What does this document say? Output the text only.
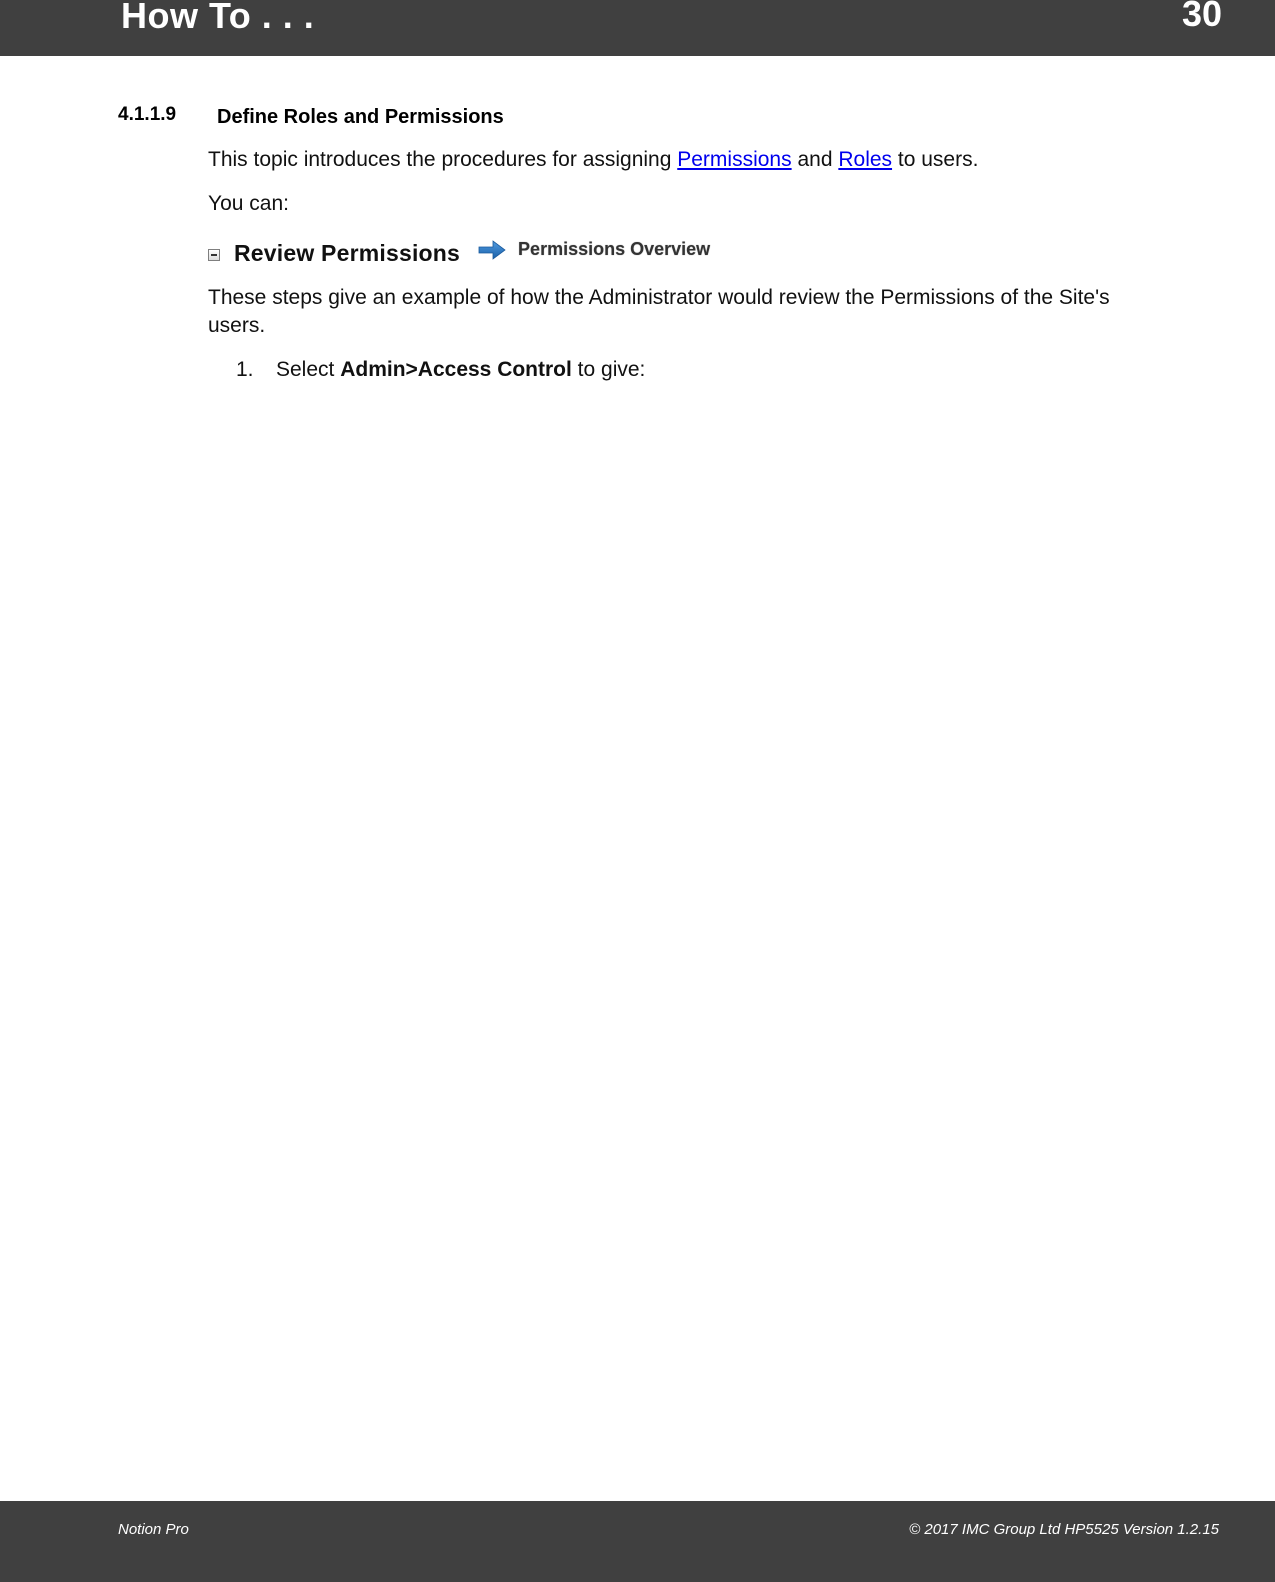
How To . . .	30
4.1.1.9 Define Roles and Permissions
This topic introduces the procedures for assigning Permissions and Roles to users.
You can:
Review Permissions	Permissions Overview
These steps give an example of how the Administrator would review the Permissions of the Site's users.
1.	Select Admin>Access Control to give:
Notion Pro	© 2017 IMC Group Ltd HP5525 Version 1.2.15
